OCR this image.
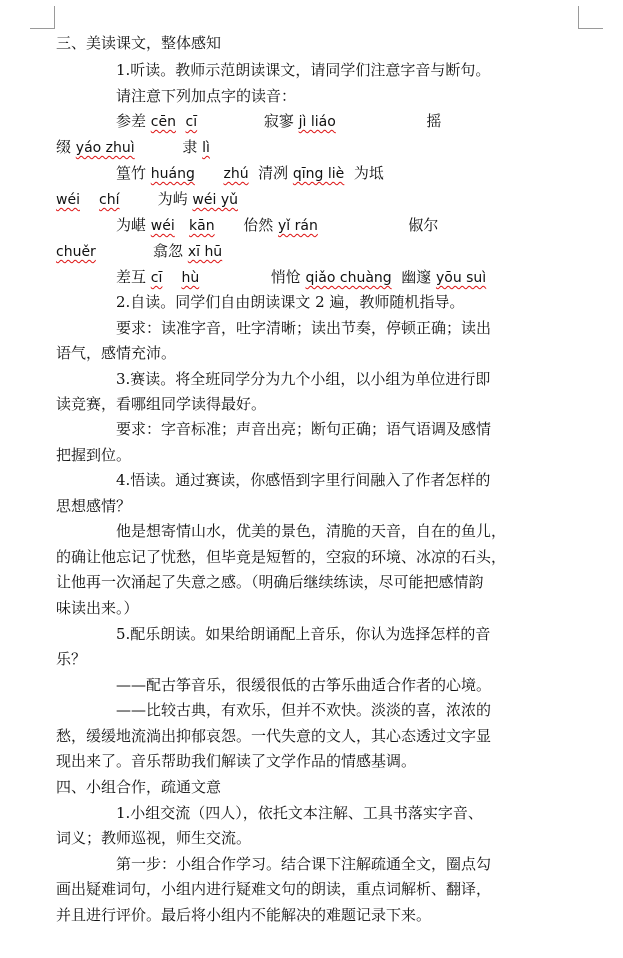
三、美读课文，整体感知
1.听读。教师示范朗读课文，请同学们注意字音与断句。
请注意下列加点字的读音：
参差 cēn cī              寂寥 jì liáo                   摇
缀 yáo zhuì          隶 lì
篁竹 huáng zhú  清冽 qīng liè  为坻
wéi chí        为屿 wéi yǔ
为嵁 wéi kān      佁然 yǐ rán                   俶尔
chuěr            翕忽 xī hū
差互 cī hù               悄怆 qiǎo chuàng  幽邃 yōu suì
2.自读。同学们自由朗读课文 2 遍，教师随机指导。
要求：读准字音，吐字清晰；读出节奏，停顿正确；读出
语气，感情充沛。
3.赛读。将全班同学分为九个小组，以小组为单位进行即
读竞赛，看哪组同学读得最好。
要求：字音标准；声音出亮；断句正确；语气语调及感情
把握到位。
4.悟读。通过赛读，你感悟到字里行间融入了作者怎样的
思想感情？
他是想寄情山水，优美的景色，清脆的天音，自在的鱼儿，
的确让他忘记了忧愁，但毕竟是短暂的，空寂的环境、冰凉的石头，
让他再一次涌起了失意之感。（明确后继续练读，尽可能把感情韵
味读出来。）
5.配乐朗读。如果给朗诵配上音乐，你认为选择怎样的音
乐？
——配古筝音乐，很缓很低的古筝乐曲适合作者的心境。
——比较古典，有欢乐，但并不欢快。淡淡的喜，浓浓的
愁，缓缓地流淌出抑郁哀怨。一代失意的文人，其心态透过文字显
现出来了。音乐帮助我们解读了文学作品的情感基调。
四、小组合作，疏通文意
1.小组交流（四人），依托文本注解、工具书落实字音、
词义；教师巡视，师生交流。
第一步：小组合作学习。结合课下注解疏通全文，圈点勾
画出疑难词句，小组内进行疑难文句的朗读，重点词解析、翻译，
并且进行评价。最后将小组内不能解决的难题记录下来。
